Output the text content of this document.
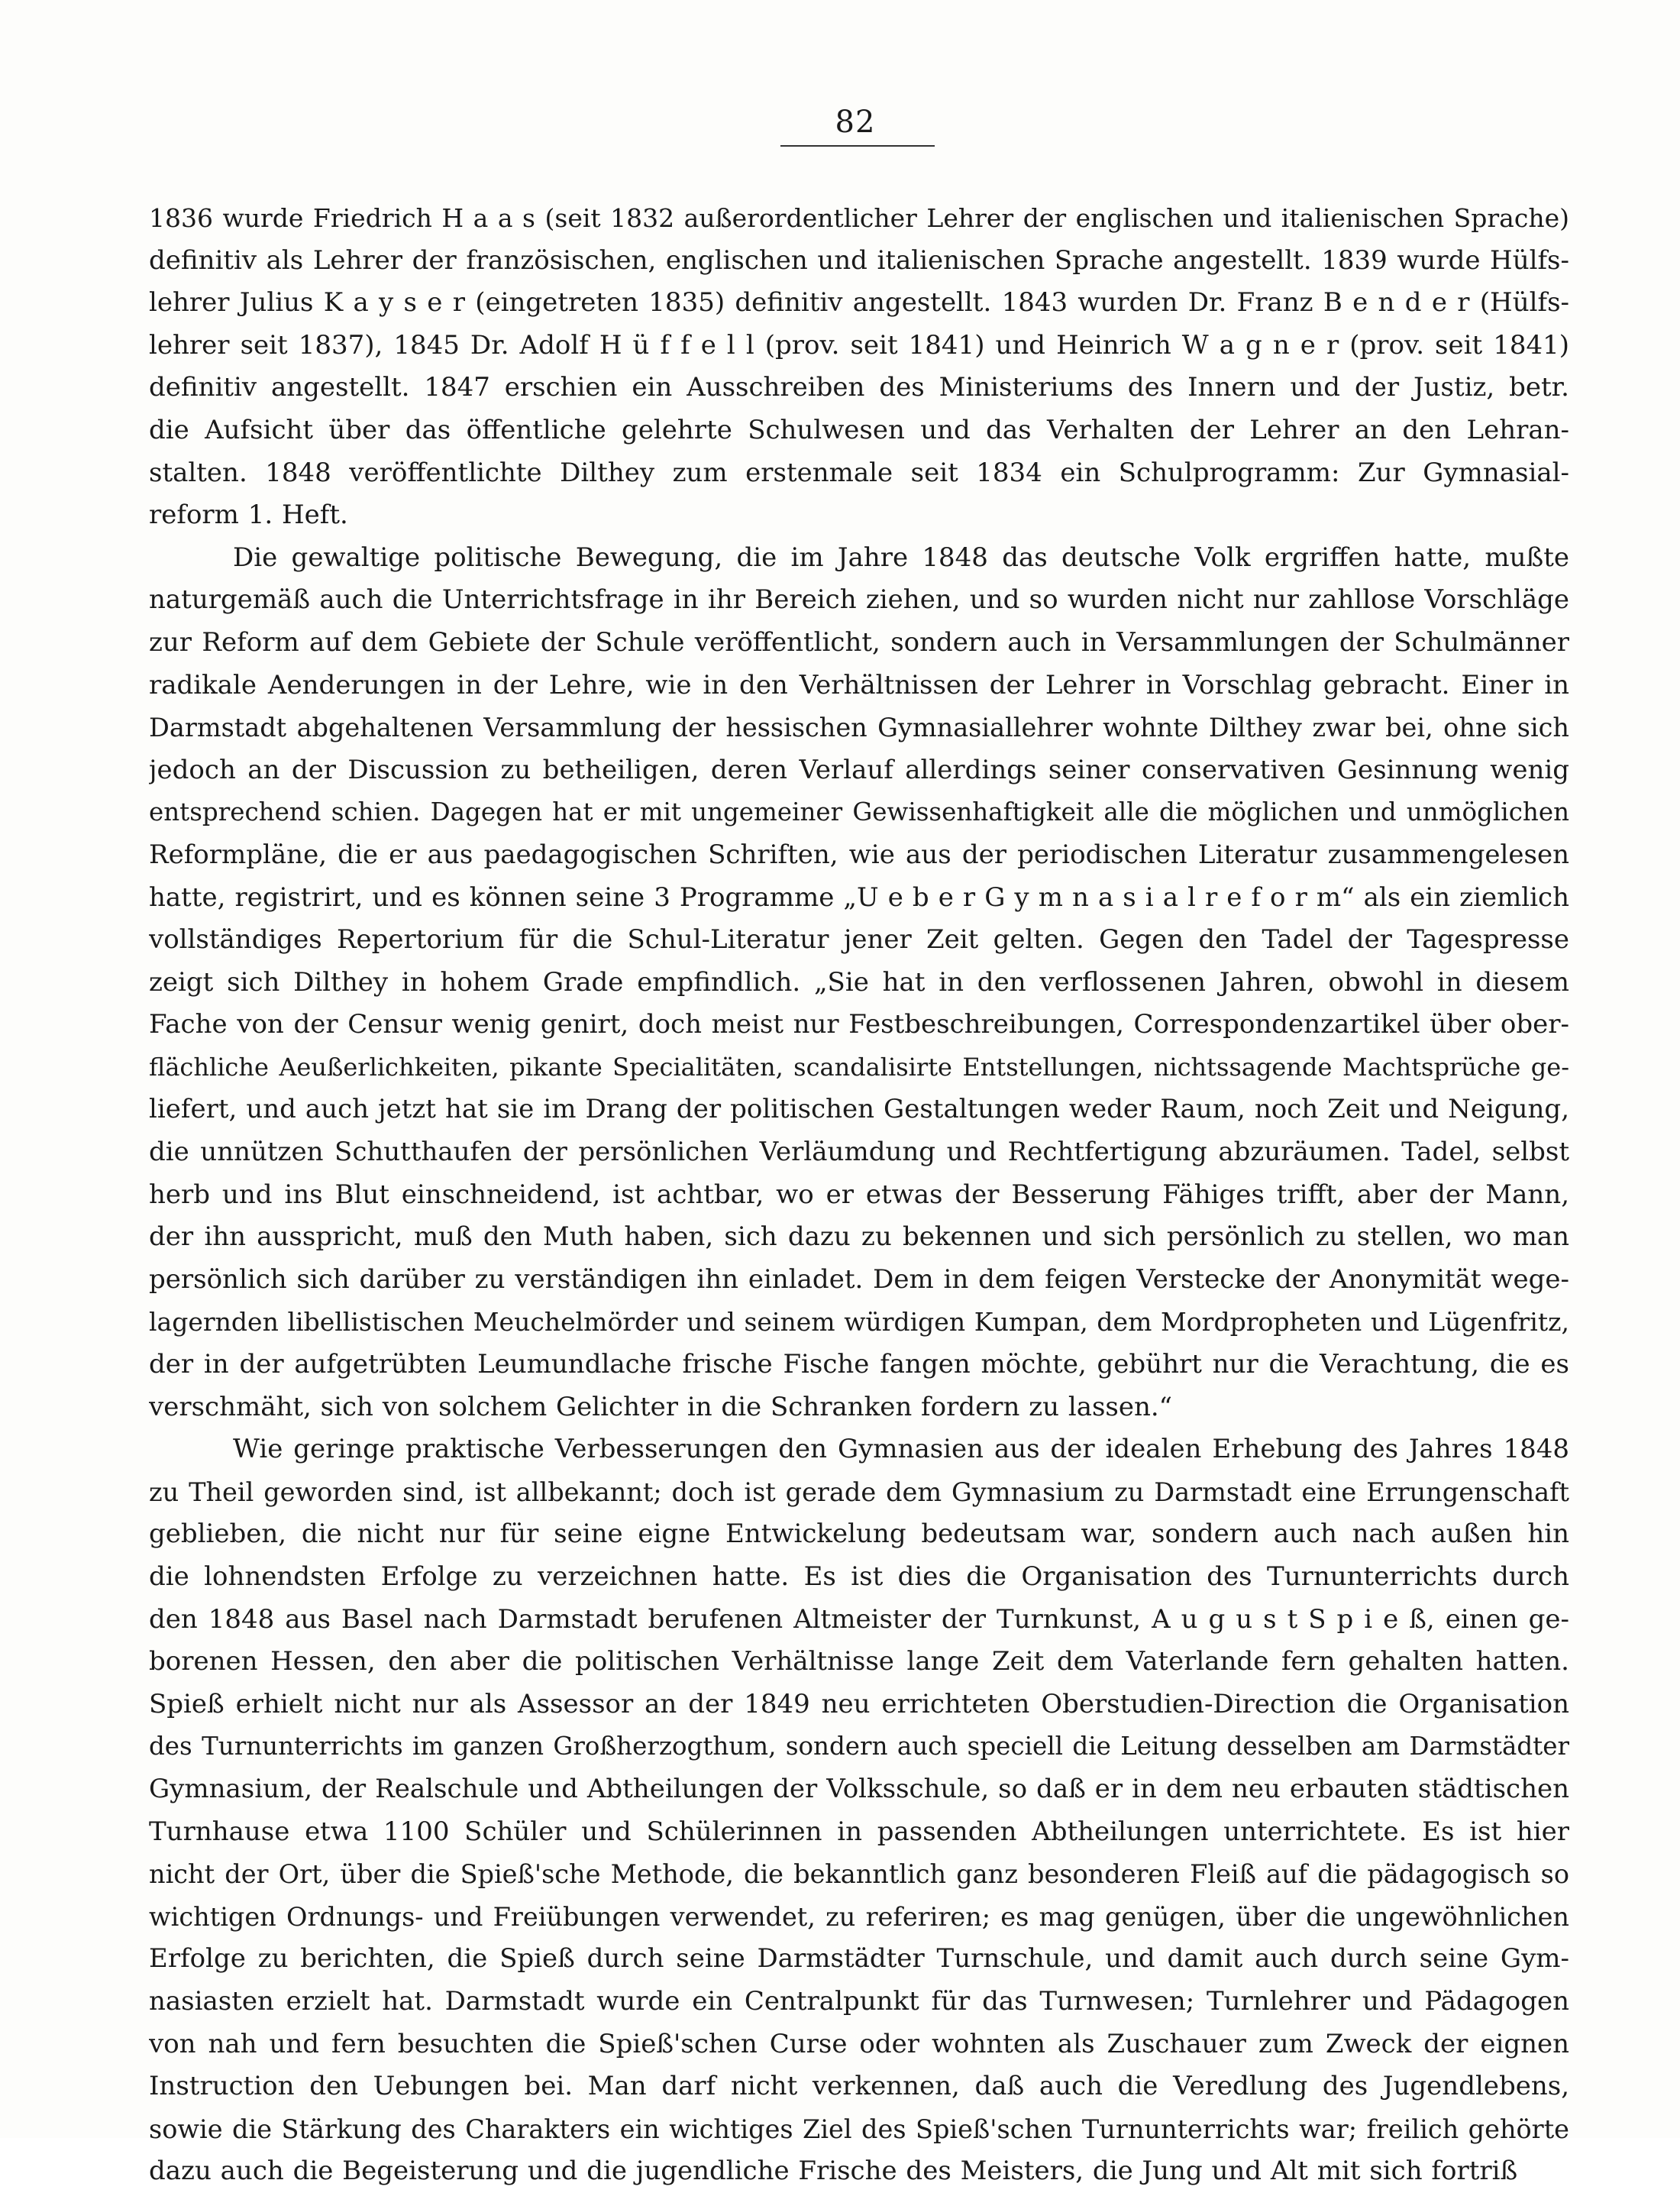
82

1836 wurde Friedrich H a a s (seit 1832 außerordentlicher Lehrer der englischen und italienischen Sprache)
definitiv als Lehrer der französischen, englischen und italienischen Sprache angestellt. 1839 wurde Hülfs-
lehrer Julius K a y s e r (eingetreten 1835) definitiv angestellt. 1843 wurden Dr. Franz B e n d e r (Hülfs-
lehrer seit 1837), 1845 Dr. Adolf H ü f f e l l (prov. seit 1841) und Heinrich W a g n e r (prov. seit 1841)
definitiv angestellt. 1847 erschien ein Ausschreiben des Ministeriums des Innern und der Justiz, betr.
die Aufsicht über das öffentliche gelehrte Schulwesen und das Verhalten der Lehrer an den Lehran-
stalten. 1848 veröffentlichte Dilthey zum erstenmale seit 1834 ein Schulprogramm: Zur Gymnasial-
reform 1. Heft.

Die gewaltige politische Bewegung, die im Jahre 1848 das deutsche Volk ergriffen hatte, mußte
naturgemäß auch die Unterrichtsfrage in ihr Bereich ziehen, und so wurden nicht nur zahllose Vorschläge
zur Reform auf dem Gebiete der Schule veröffentlicht, sondern auch in Versammlungen der Schulmänner
radikale Aenderungen in der Lehre, wie in den Verhältnissen der Lehrer in Vorschlag gebracht. Einer in
Darmstadt abgehaltenen Versammlung der hessischen Gymnasiallehrer wohnte Dilthey zwar bei, ohne sich
jedoch an der Discussion zu betheiligen, deren Verlauf allerdings seiner conservativen Gesinnung wenig
entsprechend schien. Dagegen hat er mit ungemeiner Gewissenhaftigkeit alle die möglichen und unmöglichen
Reformpläne, die er aus paedagogischen Schriften, wie aus der periodischen Literatur zusammengelesen
hatte, registrirt, und es können seine 3 Programme „U e b e r G y m n a s i a l r e f o r m“ als ein ziemlich
vollständiges Repertorium für die Schul-Literatur jener Zeit gelten. Gegen den Tadel der Tagespresse
zeigt sich Dilthey in hohem Grade empfindlich. „Sie hat in den verflossenen Jahren, obwohl in diesem
Fache von der Censur wenig genirt, doch meist nur Festbeschreibungen, Correspondenzartikel über ober-
flächliche Aeußerlichkeiten, pikante Specialitäten, scandalisirte Entstellungen, nichtssagende Machtsprüche ge-
liefert, und auch jetzt hat sie im Drang der politischen Gestaltungen weder Raum, noch Zeit und Neigung,
die unnützen Schutthaufen der persönlichen Verläumdung und Rechtfertigung abzuräumen. Tadel, selbst
herb und ins Blut einschneidend, ist achtbar, wo er etwas der Besserung Fähiges trifft, aber der Mann,
der ihn ausspricht, muß den Muth haben, sich dazu zu bekennen und sich persönlich zu stellen, wo man
persönlich sich darüber zu verständigen ihn einladet. Dem in dem feigen Verstecke der Anonymität wege-
lagernden libellistischen Meuchelmörder und seinem würdigen Kumpan, dem Mordpropheten und Lügenfritz,
der in der aufgetrübten Leumundlache frische Fische fangen möchte, gebührt nur die Verachtung, die es
verschmäht, sich von solchem Gelichter in die Schranken fordern zu lassen.“

Wie geringe praktische Verbesserungen den Gymnasien aus der idealen Erhebung des Jahres 1848
zu Theil geworden sind, ist allbekannt; doch ist gerade dem Gymnasium zu Darmstadt eine Errungenschaft
geblieben, die nicht nur für seine eigne Entwickelung bedeutsam war, sondern auch nach außen hin
die lohnendsten Erfolge zu verzeichnen hatte. Es ist dies die Organisation des Turnunterrichts durch
den 1848 aus Basel nach Darmstadt berufenen Altmeister der Turnkunst, A u g u s t S p i e ß, einen ge-
borenen Hessen, den aber die politischen Verhältnisse lange Zeit dem Vaterlande fern gehalten hatten.
Spieß erhielt nicht nur als Assessor an der 1849 neu errichteten Oberstudien-Direction die Organisation
des Turnunterrichts im ganzen Großherzogthum, sondern auch speciell die Leitung desselben am Darmstädter
Gymnasium, der Realschule und Abtheilungen der Volksschule, so daß er in dem neu erbauten städtischen
Turnhause etwa 1100 Schüler und Schülerinnen in passenden Abtheilungen unterrichtete. Es ist hier
nicht der Ort, über die Spieß'sche Methode, die bekanntlich ganz besonderen Fleiß auf die pädagogisch so
wichtigen Ordnungs- und Freiübungen verwendet, zu referiren; es mag genügen, über die ungewöhnlichen
Erfolge zu berichten, die Spieß durch seine Darmstädter Turnschule, und damit auch durch seine Gym-
nasiasten erzielt hat. Darmstadt wurde ein Centralpunkt für das Turnwesen; Turnlehrer und Pädagogen
von nah und fern besuchten die Spieß'schen Curse oder wohnten als Zuschauer zum Zweck der eignen
Instruction den Uebungen bei. Man darf nicht verkennen, daß auch die Veredlung des Jugendlebens,
sowie die Stärkung des Charakters ein wichtiges Ziel des Spieß'schen Turnunterrichts war; freilich gehörte
dazu auch die Begeisterung und die jugendliche Frische des Meisters, die Jung und Alt mit sich fortriß
